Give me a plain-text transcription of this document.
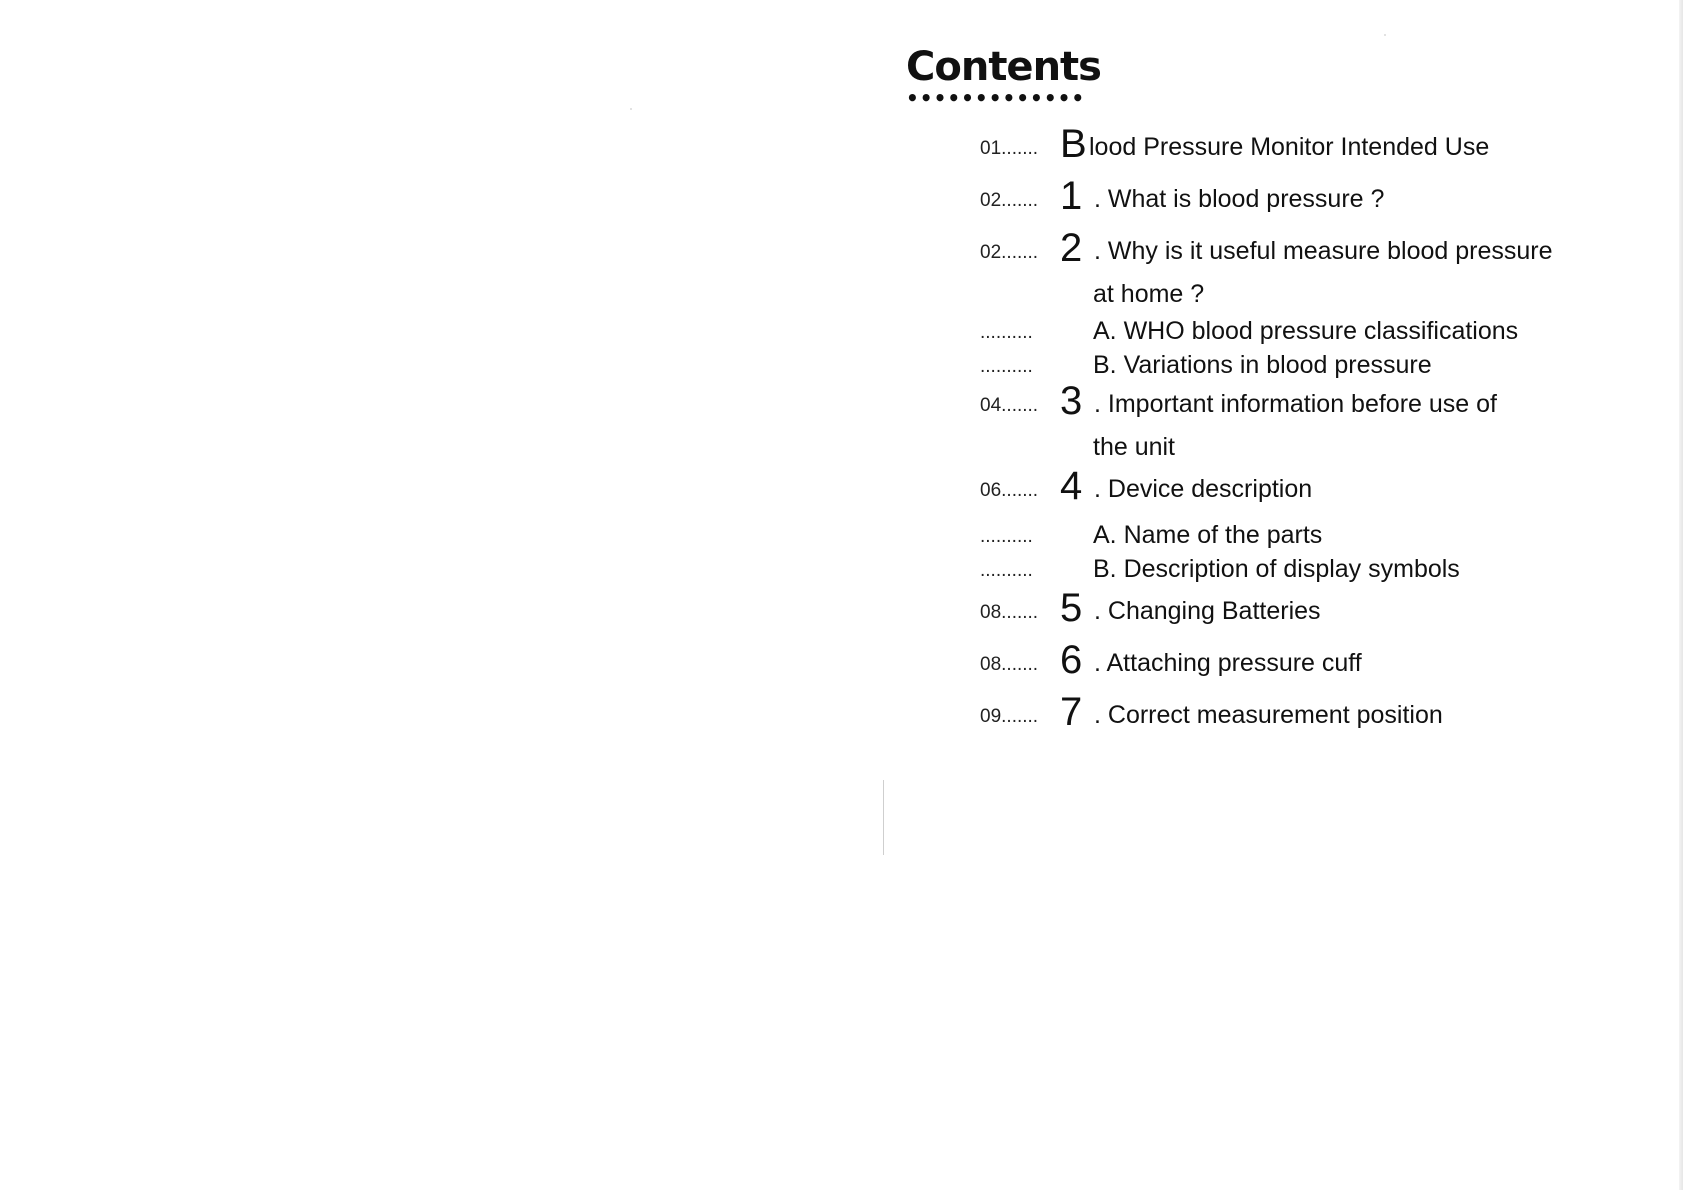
Contents
•••••••••••••
01....... B lood Pressure Monitor Intended Use
02....... 1 . What is blood pressure ?
02....... 2 . Why is it useful measure blood pressure
at home ?
.......... A. WHO blood pressure classifications
.......... B. Variations in blood pressure
04....... 3 . Important information before use of
the unit
06....... 4 . Device description
.......... A. Name of the parts
.......... B. Description of display symbols
08....... 5 . Changing Batteries
08....... 6 . Attaching pressure cuff
09....... 7 . Correct measurement position
